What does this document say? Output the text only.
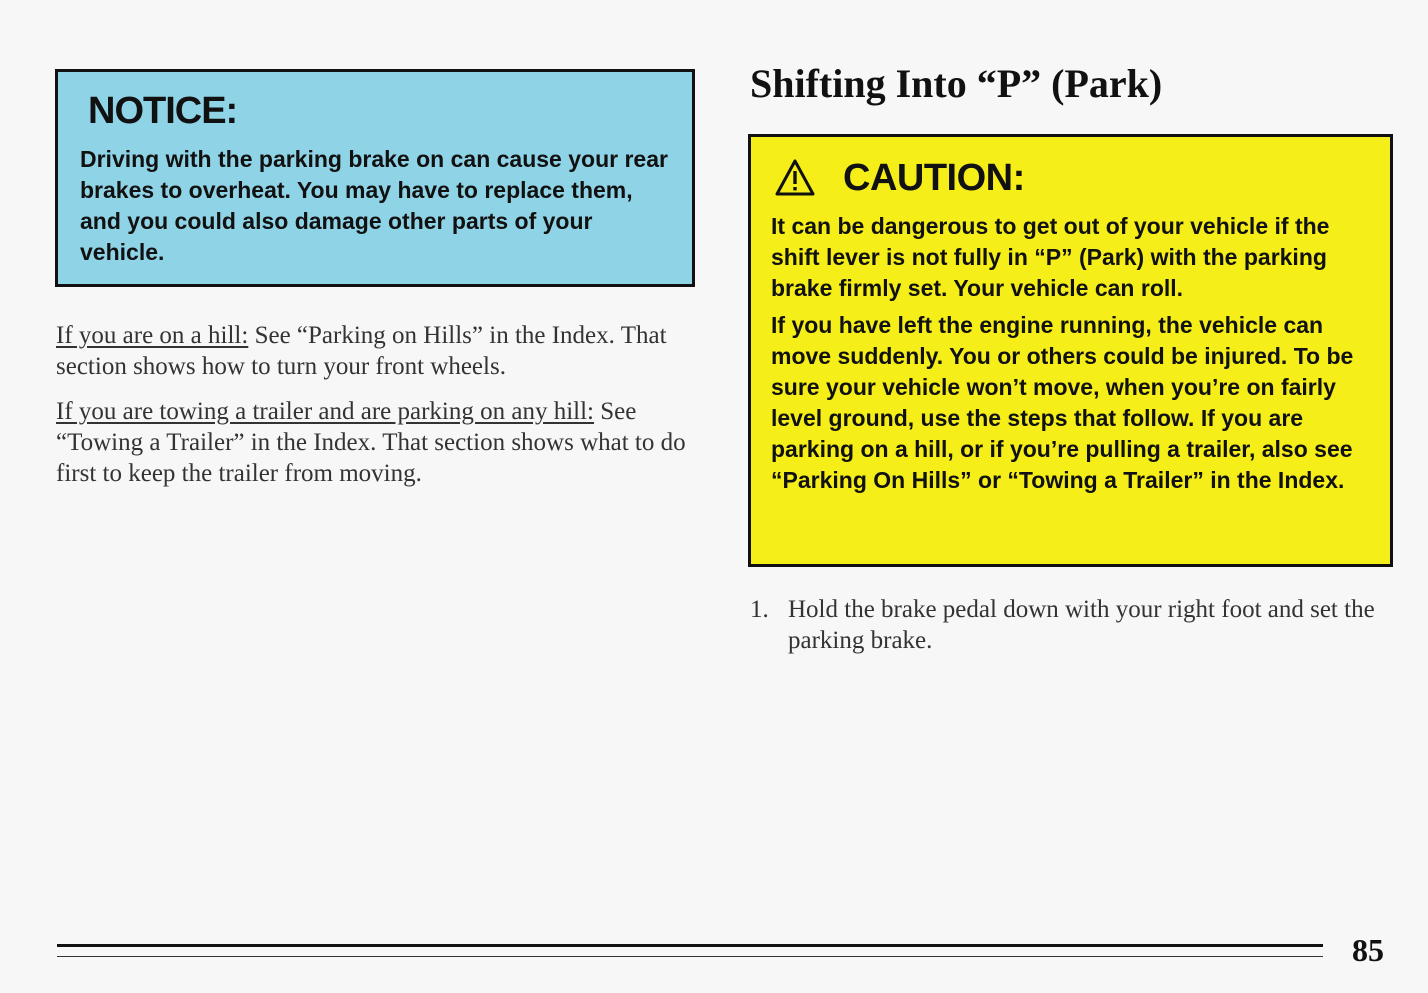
NOTICE:

Driving with the parking brake on can cause your rear brakes to overheat. You may have to replace them, and you could also damage other parts of your vehicle.

If you are on a hill: See “Parking on Hills” in the Index. That section shows how to turn your front wheels.

If you are towing a trailer and are parking on any hill: See “Towing a Trailer” in the Index. That section shows what to do first to keep the trailer from moving.

Shifting Into “P” (Park)
CAUTION:

It can be dangerous to get out of your vehicle if the shift lever is not fully in “P” (Park) with the parking brake firmly set. Your vehicle can roll.

If you have left the engine running, the vehicle can move suddenly. You or others could be injured. To be sure your vehicle won’t move, when you’re on fairly level ground, use the steps that follow. If you are parking on a hill, or if you’re pulling a trailer, also see “Parking On Hills” or “Towing a Trailer” in the Index.

1. Hold the brake pedal down with your right foot and set the parking brake.
85
